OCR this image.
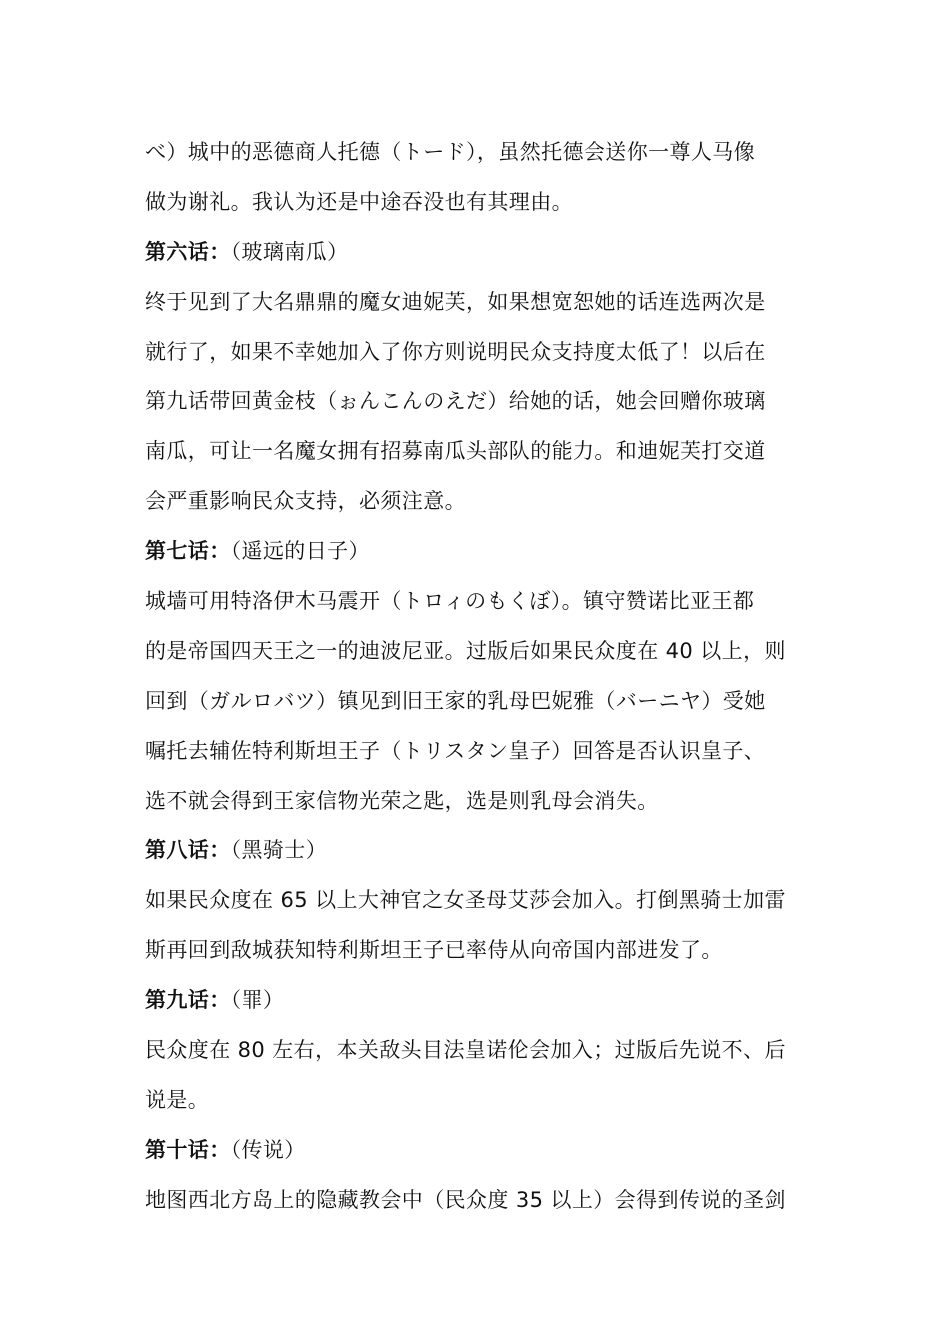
べ）城中的恶德商人托德（トード），虽然托德会送你一尊人马像
做为谢礼。我认为还是中途吞没也有其理由。
第六话：（玻璃南瓜）
终于见到了大名鼎鼎的魔女迪妮芙，如果想宽恕她的话连选两次是
就行了，如果不幸她加入了你方则说明民众支持度太低了！以后在
第九话带回黄金枝（ぉんこんのえだ）给她的话，她会回赠你玻璃
南瓜，可让一名魔女拥有招募南瓜头部队的能力。和迪妮芙打交道
会严重影响民众支持，必须注意。
第七话：（遥远的日子）
城墙可用特洛伊木马震开（トロィのもくぼ）。镇守赞诺比亚王都
的是帝国四天王之一的迪波尼亚。过版后如果民众度在 40 以上，则
回到（ガルロバツ）镇见到旧王家的乳母巴妮雅（バーニヤ）受她
嘱托去辅佐特利斯坦王子（トリスタン皇子）回答是否认识皇子、
选不就会得到王家信物光荣之匙，选是则乳母会消失。
第八话：（黑骑士）
如果民众度在 65 以上大神官之女圣母艾莎会加入。打倒黑骑士加雷
斯再回到敌城获知特利斯坦王子已率侍从向帝国内部进发了。
第九话：（罪）
民众度在 80 左右，本关敌头目法皇诺伦会加入；过版后先说不、后
说是。
第十话：（传说）
地图西北方岛上的隐藏教会中（民众度 35 以上）会得到传说的圣剑
